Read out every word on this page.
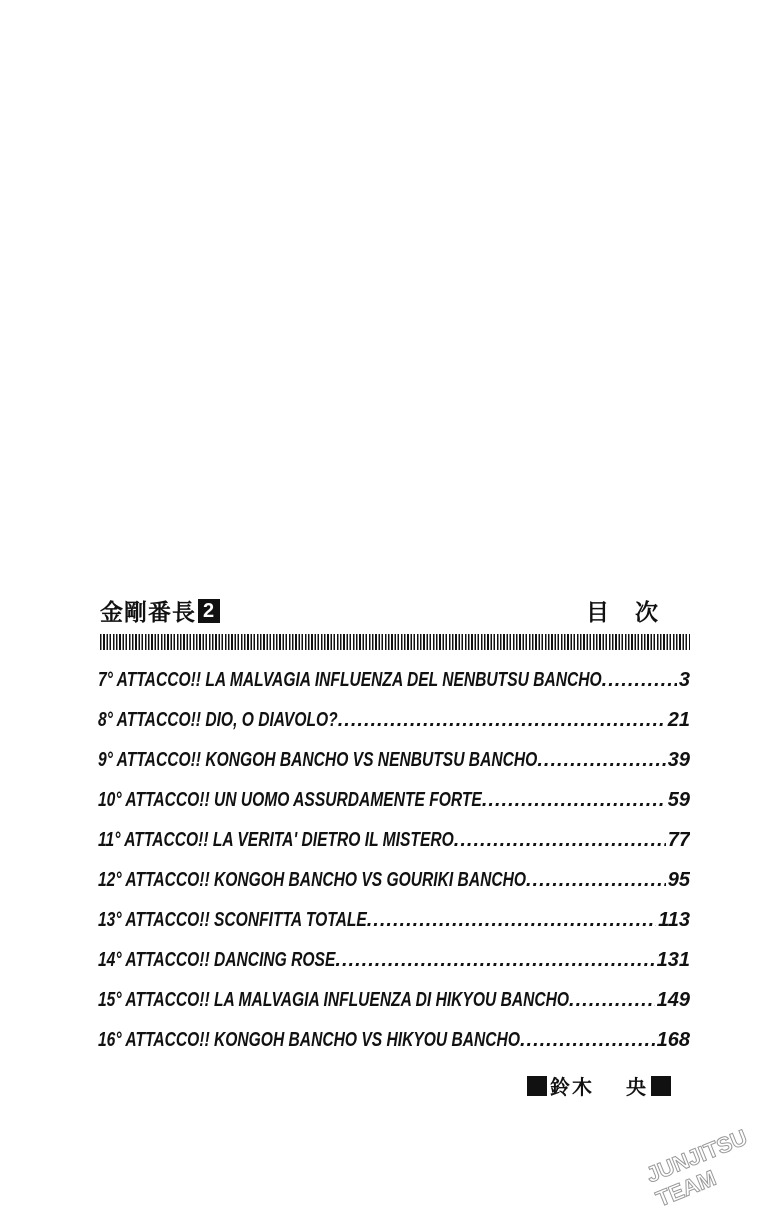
金剛番長 2	目次
7° ATTACCO!! LA MALVAGIA INFLUENZA DEL NENBUTSU BANCHO .....	3
8° ATTACCO!! DIO, O DIAVOLO? .....	21
9° ATTACCO!! KONGOH BANCHO VS NENBUTSU BANCHO .....	39
10° ATTACCO!! UN UOMO ASSURDAMENTE FORTE .....	59
11° ATTACCO!! LA VERITA' DIETRO IL MISTERO .....	77
12° ATTACCO!! KONGOH BANCHO VS GOURIKI BANCHO .....	95
13° ATTACCO!! SCONFITTA TOTALE .....	113
14° ATTACCO!! DANCING ROSE .....	131
15° ATTACCO!! LA MALVAGIA INFLUENZA DI HIKYOU BANCHO .....	149
16° ATTACCO!! KONGOH BANCHO VS HIKYOU BANCHO .....	168
鈴木 央
JUNJITSU TEAM
